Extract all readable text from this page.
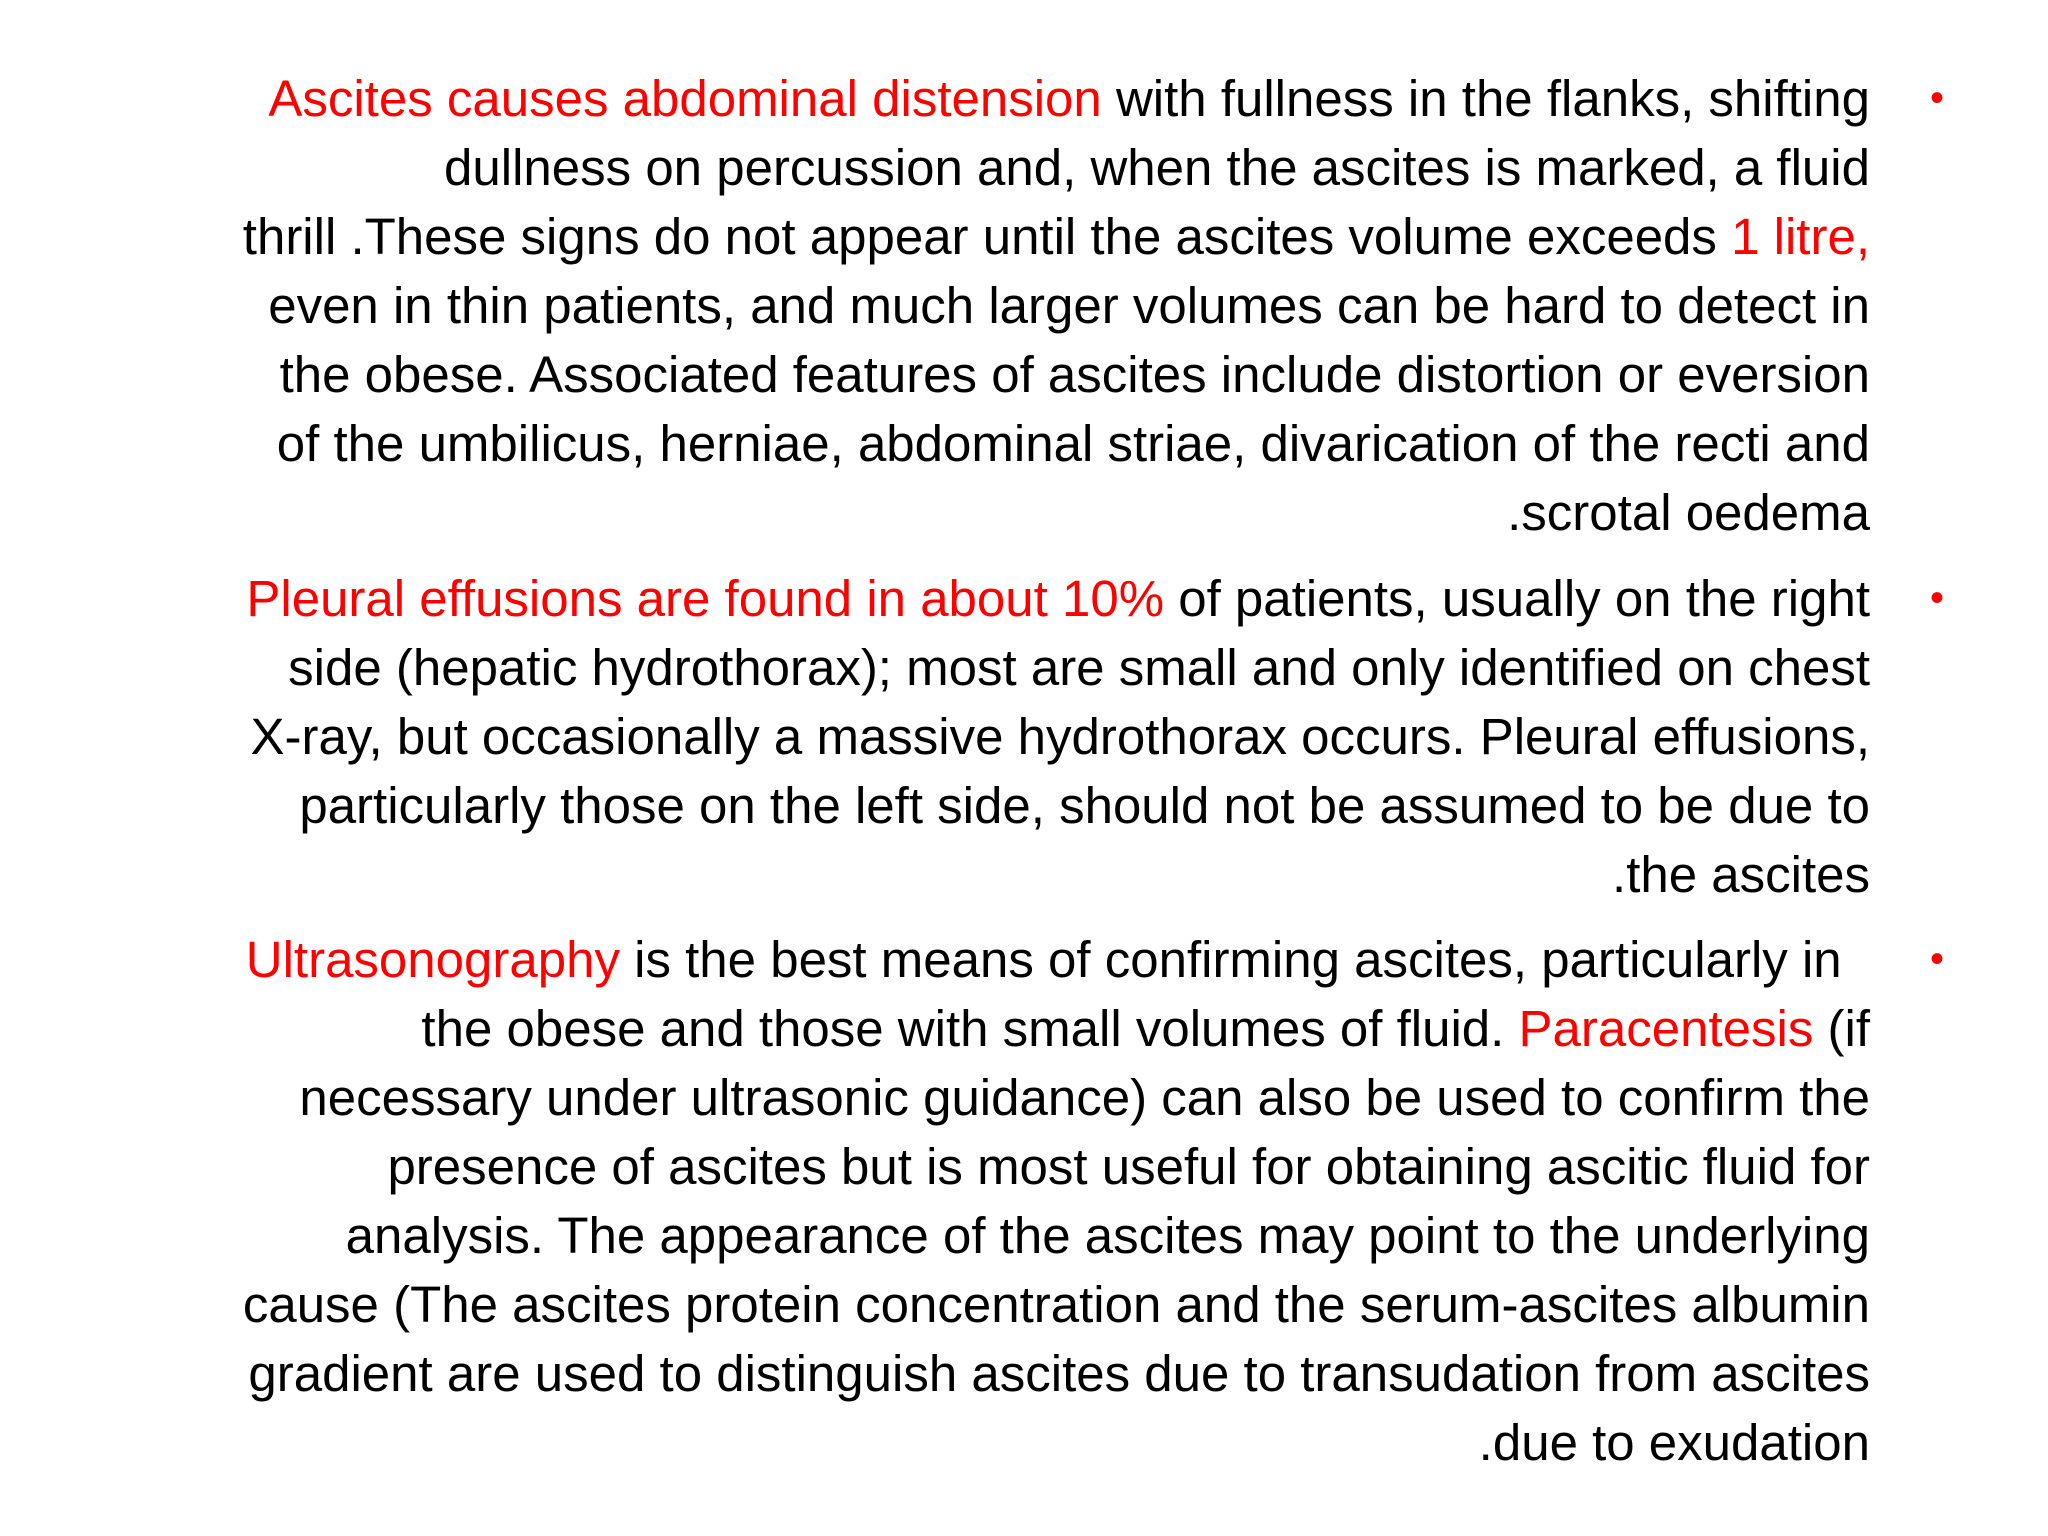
•

Ascites causes abdominal distension with fullness in the flanks, shifting
dullness on percussion and, when the ascites is marked, a fluid
thrill .These signs do not appear until the ascites volume exceeds 1 litre,
even in thin patients, and much larger volumes can be hard to detect in
the obese. Associated features of ascites include distortion or eversion
of the umbilicus, herniae, abdominal striae, divarication of the recti and
.scrotal oedema

•

Pleural effusions are found in about 10% of patients, usually on the right
side (hepatic hydrothorax); most are small and only identified on chest
X-ray, but occasionally a massive hydrothorax occurs. Pleural effusions,
particularly those on the left side, should not be assumed to be due to
.the ascites

•

Ultrasonography is the best means of confirming ascites, particularly in
the obese and those with small volumes of fluid. Paracentesis (if
necessary under ultrasonic guidance) can also be used to confirm the
presence of ascites but is most useful for obtaining ascitic fluid for
analysis. The appearance of the ascites may point to the underlying
cause (The ascites protein concentration and the serum-ascites albumin
gradient are used to distinguish ascites due to transudation from ascites
.due to exudation
